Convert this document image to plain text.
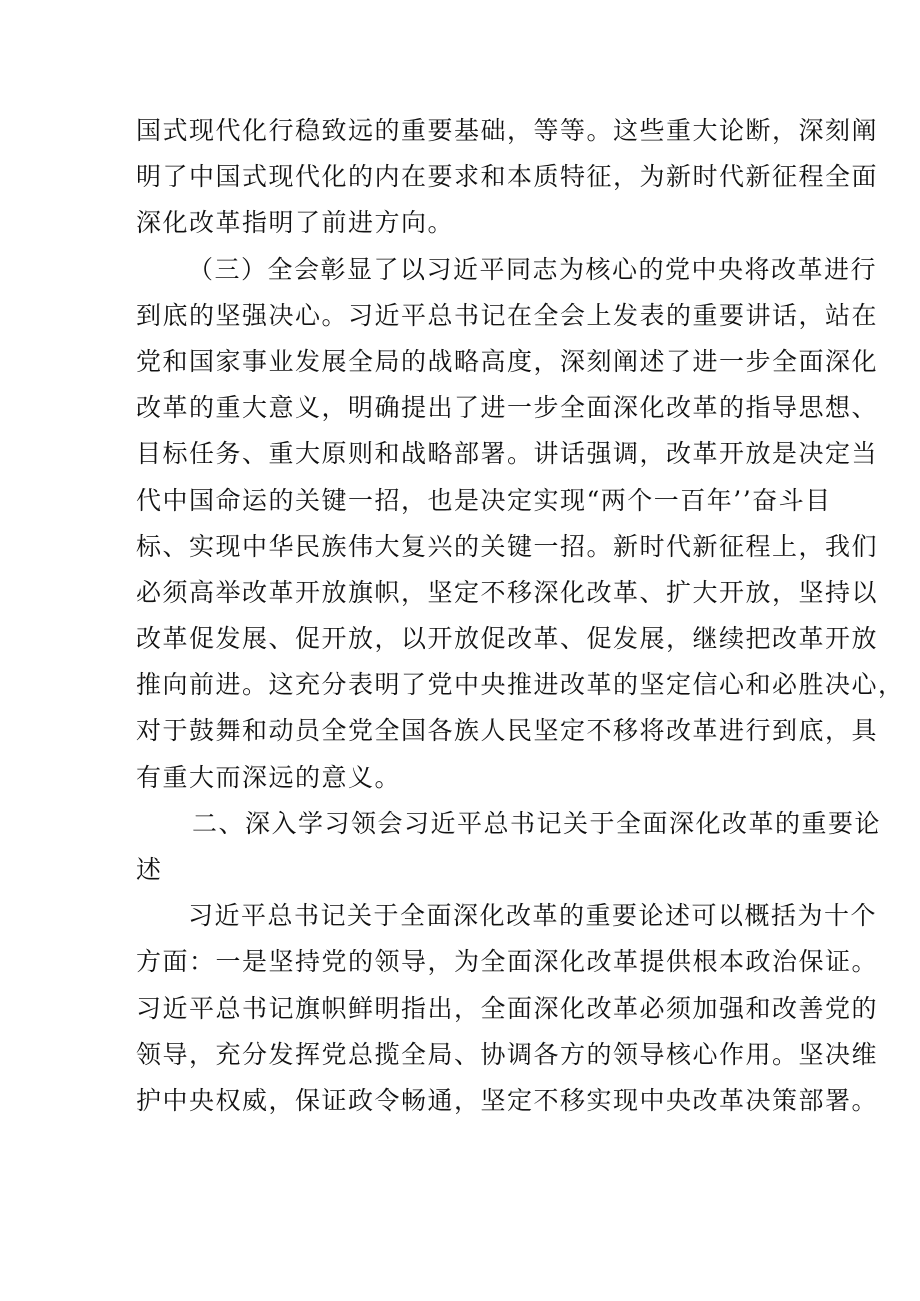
国式现代化行稳致远的重要基础，等等。这些重大论断，深刻阐
明了中国式现代化的内在要求和本质特征，为新时代新征程全面
深化改革指明了前进方向。
（三）全会彰显了以习近平同志为核心的党中央将改革进行
到底的坚强决心。习近平总书记在全会上发表的重要讲话，站在
党和国家事业发展全局的战略高度，深刻阐述了进一步全面深化
改革的重大意义，明确提出了进一步全面深化改革的指导思想、
目标任务、重大原则和战略部署。讲话强调，改革开放是决定当
代中国命运的关键一招，也是决定实现“两个一百年’’奋斗目
标、实现中华民族伟大复兴的关键一招。新时代新征程上，我们
必须高举改革开放旗帜，坚定不移深化改革、扩大开放，坚持以
改革促发展、促开放，以开放促改革、促发展，继续把改革开放
推向前进。这充分表明了党中央推进改革的坚定信心和必胜决心，
对于鼓舞和动员全党全国各族人民坚定不移将改革进行到底，具
有重大而深远的意义。
二、深入学习领会习近平总书记关于全面深化改革的重要论
述
习近平总书记关于全面深化改革的重要论述可以概括为十个
方面：一是坚持党的领导，为全面深化改革提供根本政治保证。
习近平总书记旗帜鲜明指出，全面深化改革必须加强和改善党的
领导，充分发挥党总揽全局、协调各方的领导核心作用。坚决维
护中央权威，保证政令畅通，坚定不移实现中央改革决策部署。
